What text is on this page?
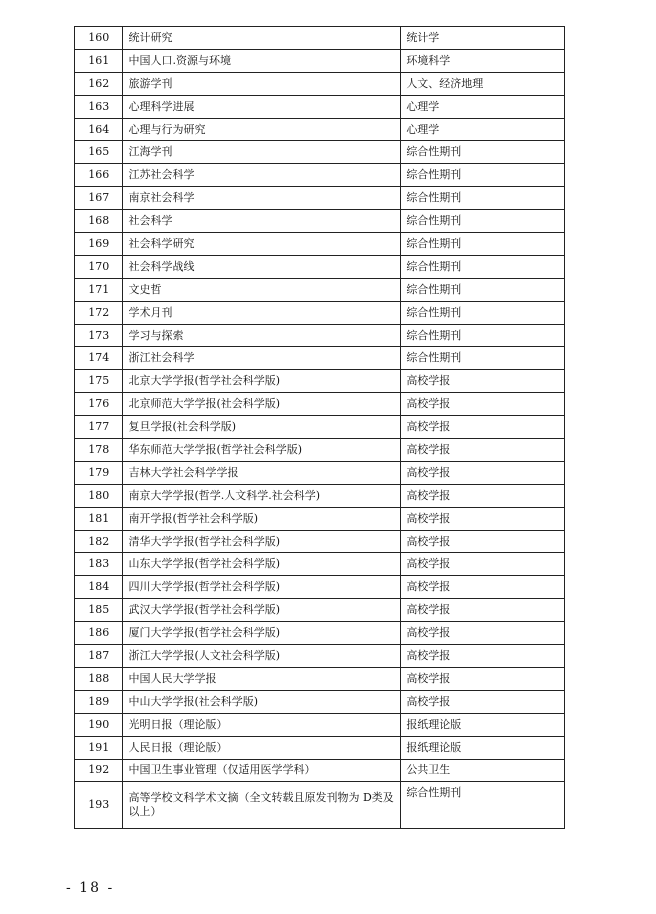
160	统计研究	统计学
161	中国人口.资源与环境	环境科学
162	旅游学刊	人文、经济地理
163	心理科学进展	心理学
164	心理与行为研究	心理学
165	江海学刊	综合性期刊
166	江苏社会科学	综合性期刊
167	南京社会科学	综合性期刊
168	社会科学	综合性期刊
169	社会科学研究	综合性期刊
170	社会科学战线	综合性期刊
171	文史哲	综合性期刊
172	学术月刊	综合性期刊
173	学习与探索	综合性期刊
174	浙江社会科学	综合性期刊
175	北京大学学报(哲学社会科学版)	高校学报
176	北京师范大学学报(社会科学版)	高校学报
177	复旦学报(社会科学版)	高校学报
178	华东师范大学学报(哲学社会科学版)	高校学报
179	吉林大学社会科学学报	高校学报
180	南京大学学报(哲学.人文科学.社会科学)	高校学报
181	南开学报(哲学社会科学版)	高校学报
182	清华大学学报(哲学社会科学版)	高校学报
183	山东大学学报(哲学社会科学版)	高校学报
184	四川大学学报(哲学社会科学版)	高校学报
185	武汉大学学报(哲学社会科学版)	高校学报
186	厦门大学学报(哲学社会科学版)	高校学报
187	浙江大学学报(人文社会科学版)	高校学报
188	中国人民大学学报	高校学报
189	中山大学学报(社会科学版)	高校学报
190	光明日报（理论版）	报纸理论版
191	人民日报（理论版）	报纸理论版
192	中国卫生事业管理（仅适用医学学科）	公共卫生
193	高等学校文科学术文摘（全文转载且原发刊物为 D类及以上）	综合性期刊
- 18 -
